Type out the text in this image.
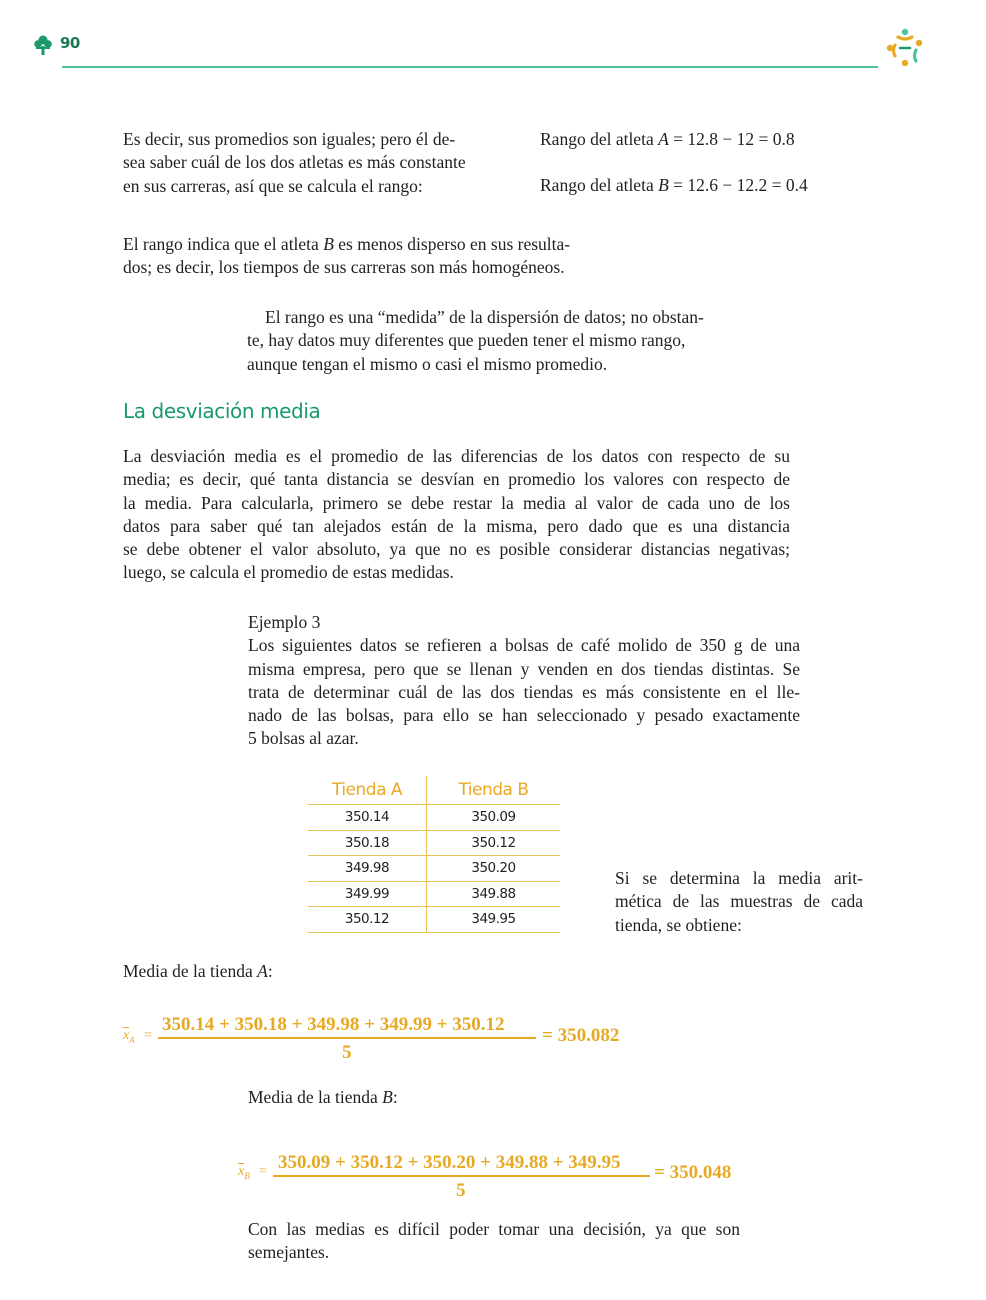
90
Es decir, sus promedios son iguales; pero él de-
sea saber cuál de los dos atletas es más constante
en sus carreras, así que se calcula el rango:
Rango del atleta A = 12.8 − 12 = 0.8
Rango del atleta B = 12.6 − 12.2 = 0.4
El rango indica que el atleta B es menos disperso en sus resulta-
dos; es decir, los tiempos de sus carreras son más homogéneos.
El rango es una “medida” de la dispersión de datos; no obstan-
te, hay datos muy diferentes que pueden tener el mismo rango,
aunque tengan el mismo o casi el mismo promedio.
La desviación media
La desviación media es el promedio de las diferencias de los datos con respecto de su
media; es decir, qué tanta distancia se desvían en promedio los valores con respecto de
la media. Para calcularla, primero se debe restar la media al valor de cada uno de los
datos para saber qué tan alejados están de la misma, pero dado que es una distancia
se debe obtener el valor absoluto, ya que no es posible considerar distancias negativas;
luego, se calcula el promedio de estas medidas.
Ejemplo 3
Los siguientes datos se refieren a bolsas de café molido de 350 g de una
misma empresa, pero que se llenan y venden en dos tiendas distintas. Se
trata de determinar cuál de las dos tiendas es más consistente en el lle-
nado de las bolsas, para ello se han seleccionado y pesado exactamente
5 bolsas al azar.
Tienda A	Tienda B
350.14	350.09
350.18	350.12
349.98	350.20
349.99	349.88
350.12	349.95
Si se determina la media arit-
mética de las muestras de cada
tienda, se obtiene:
Media de la tienda A:
$x_A$ =
350.14 + 350.18 + 349.98 + 349.99 + 350.12
5
= 350.082
Media de la tienda B:
$x_B = 350.09 + 350.12 + 350.20 + 349.88 + 349.95$
5
= 350.048
Con las medias es difícil poder tomar una decisión, ya que son
semejantes.
